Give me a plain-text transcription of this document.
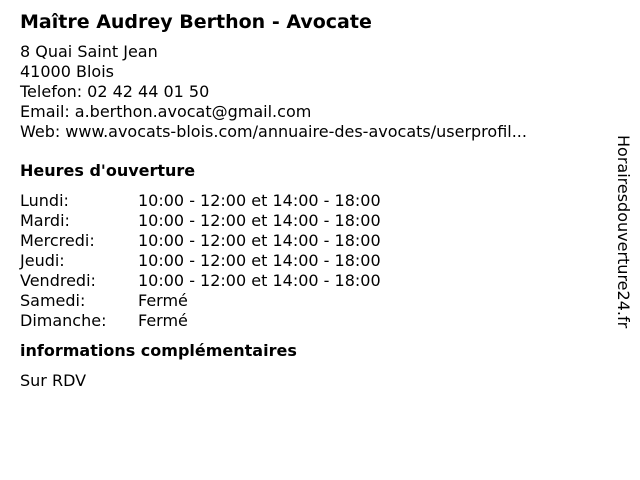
Maître Audrey Berthon - Avocate
8 Quai Saint Jean
41000 Blois
Telefon: 02 42 44 01 50
Email: a.berthon.avocat@gmail.com
Web: www.avocats-blois.com/annuaire-des-avocats/userprofil...
Heures d'ouverture
Lundi:	10:00 - 12:00 et 14:00 - 18:00
Mardi:	10:00 - 12:00 et 14:00 - 18:00
Mercredi:	10:00 - 12:00 et 14:00 - 18:00
Jeudi:	10:00 - 12:00 et 14:00 - 18:00
Vendredi:	10:00 - 12:00 et 14:00 - 18:00
Samedi:	Fermé
Dimanche: Fermé
informations complémentaires
Sur RDV
Horairesdouverture24.fr
